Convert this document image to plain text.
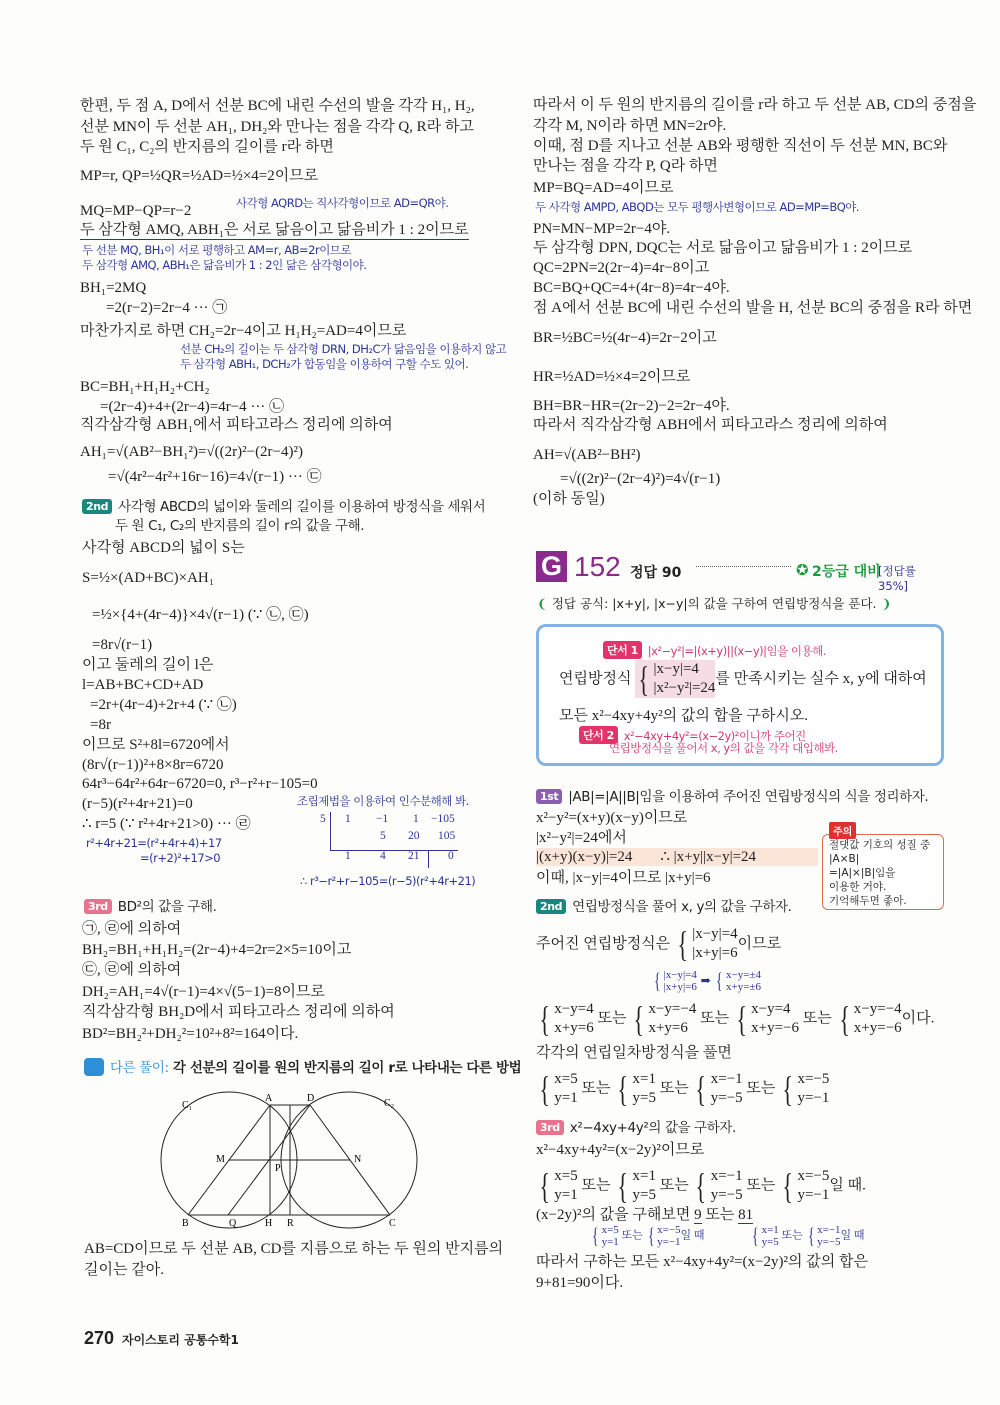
한편, 두 점 A, D에서 선분 BC에 내린 수선의 발을 각각 H₁, H₂,
선분 MN이 두 선분 AH₁, DH₂와 만나는 점을 각각 Q, R라 하고
두 원 C₁, C₂의 반지름의 길이를 r라 하면
MP=r, QP=½QR=½AD=½×4=2이므로
사각형 AQRD는 직사각형이므로 AD=QR야.
MQ=MP−QP=r−2
두 삼각형 AMQ, ABH₁은 서로 닮음이고 닮음비가 1 : 2이므로
두 선분 MQ, BH₁이 서로 평행하고 AM=r, AB=2r이므로
두 삼각형 AMQ, ABH₁은 닮음비가 1 : 2인 닮은 삼각형이야.
BH₁=2MQ
=2(r−2)=2r−4 ··· ㉠
마찬가지로 하면 CH₂=2r−4이고 H₁H₂=AD=4이므로
선분 CH₂의 길이는 두 삼각형 DRN, DH₂C가 닮음임을 이용하지 않고
두 삼각형 ABH₁, DCH₂가 합동임을 이용하여 구할 수도 있어.
BC=BH₁+H₁H₂+CH₂
=(2r−4)+4+(2r−4)=4r−4 ··· ㉡
직각삼각형 ABH₁에서 피타고라스 정리에 의하여
AH₁=√(AB²−BH₁²)=√((2r)²−(2r−4)²)
=√(4r²−4r²+16r−16)=4√(r−1) ··· ㉢
2nd 사각형 ABCD의 넓이와 둘레의 길이를 이용하여 방정식을 세워서
두 원 C₁, C₂의 반지름의 길이 r의 값을 구해.
사각형 ABCD의 넓이 S는
S=½×(AD+BC)×AH₁
=½×{4+(4r−4)}×4√(r−1) (∵ ㉡, ㉢)
=8r√(r−1)
이고 둘레의 길이 l은
l=AB+BC+CD+AD
=2r+(4r−4)+2r+4 (∵ ㉡)
=8r
이므로 S²+8l=6720에서
(8r√(r−1))²+8×8r=6720
64r³−64r²+64r−6720=0, r³−r²+r−105=0
조립제법을 이용하여 인수분해해 봐.
(r−5)(r²+4r+21)=0
∴ r=5 (∵ r²+4r+21>0) ··· ㉣
r²+4r+21=(r²+4r+4)+17
=(r+2)²+17>0
5 1 −1 1 −105
5 20 105
1	4 21 0
∴ r³−r²+r−105=(r−5)(r²+4r+21)
3rd BD²의 값을 구해.
㉠, ㉣에 의하여
BH₂=BH₁+H₁H₂=(2r−4)+4=2r=2×5=10이고
㉢, ㉣에 의하여
DH₂=AH₁=4√(r−1)=4×√(5−1)=8이므로
직각삼각형 BH₂D에서 피타고라스 정리에 의하여
BD²=BH₂²+DH₂²=10²+8²=164이다.
다른 풀이: 각 선분의 길이를 원의 반지름의 길이 r로 나타내는 다른 방법
C₁	C₂
A	D
M	N
P
B	Q	H R	C
AB=CD이므로 두 선분 AB, CD를 지름으로 하는 두 원의 반지름의
길이는 같아.
270 자이스토리 공통수학1
따라서 이 두 원의 반지름의 길이를 r라 하고 두 선분 AB, CD의 중점을
각각 M, N이라 하면 MN=2r야.
이때, 점 D를 지나고 선분 AB와 평행한 직선이 두 선분 MN, BC와
만나는 점을 각각 P, Q라 하면
MP=BQ=AD=4이므로
두 사각형 AMPD, ABQD는 모두 평행사변형이므로 AD=MP=BQ야.
PN=MN−MP=2r−4야.
두 삼각형 DPN, DQC는 서로 닮음이고 닮음비가 1 : 2이므로
QC=2PN=2(2r−4)=4r−8이고
BC=BQ+QC=4+(4r−8)=4r−4야.
점 A에서 선분 BC에 내린 수선의 발을 H, 선분 BC의 중점을 R라 하면
BR=½BC=½(4r−4)=2r−2이고
HR=½AD=½×4=2이므로
BH=BR−HR=(2r−2)−2=2r−4야.
따라서 직각삼각형 ABH에서 피타고라스 정리에 의하여
AH=√(AB²−BH²)
=√((2r)²−(2r−4)²)=4√(r−1)
(이하 동일)
G 152 정답 90	✪ 2등급 대비
[정답률 35%]
❨ 정답 공식: |x+y|, |x−y|의 값을 구하여 연립방정식을 푼다. ❩
단서 1 |x²−y²|=|(x+y)||(x−y)|임을 이용해.
연립방정식 { |x−y|=4
|x²−y²|=24
를 만족시키는 실수 x, y에 대하여
모든 x²−4xy+4y²의 값의 합을 구하시오.
단서 2 x²−4xy+4y²=(x−2y)²이니까 주어진
연립방정식을 풀어서 x, y의 값을 각각 대입해봐.
1st |AB|=|A||B|임을 이용하여 주어진 연립방정식의 식을 정리하자.
x²−y²=(x+y)(x−y)이므로
|x²−y²|=24에서
|(x+y)(x−y)|=24 ∴ |x+y||x−y|=24
이때, |x−y|=4이므로 |x+y|=6
절댓값 기호의 성질 중
|A×B|
=|A|×|B|임을
이용한 거야.
기억해두면 좋아.
주의
2nd 연립방정식을 풀어 x, y의 값을 구하자.
주어진 연립방정식은 { |x−y|=4
|x+y|=6
이므로
{ |x−y|=4
|x+y|=6 ➡ { x−y=±4
x+y=±6
{ x−y=4
x+y=6
또는 { x−y=−4
x+y=6
또는 { x−y=4
x+y=−6
또는 { x−y=−4
x+y=−6
이다.
각각의 연립일차방정식을 풀면
{ x=5
y=1
또는 { x=1
y=5
또는 { x=−1
y=−5
또는 { x=−5
y=−1
3rd x²−4xy+4y²의 값을 구하자.
x²−4xy+4y²=(x−2y)²이므로
{ x=5
y=1
또는 { x=1
y=5
또는 { x=−1
y=−5
또는 { x=−5
y=−1
일 때.
(x−2y)²의 값을 구해보면 9 또는 81
{ x=5
y=1
또는 { x=−5
y=−1
일 때 { x=1
y=5
또는 { x=−1
y=−5
일 때
따라서 구하는 모든 x²−4xy+4y²=(x−2y)²의 값의 합은
9+81=90이다.
